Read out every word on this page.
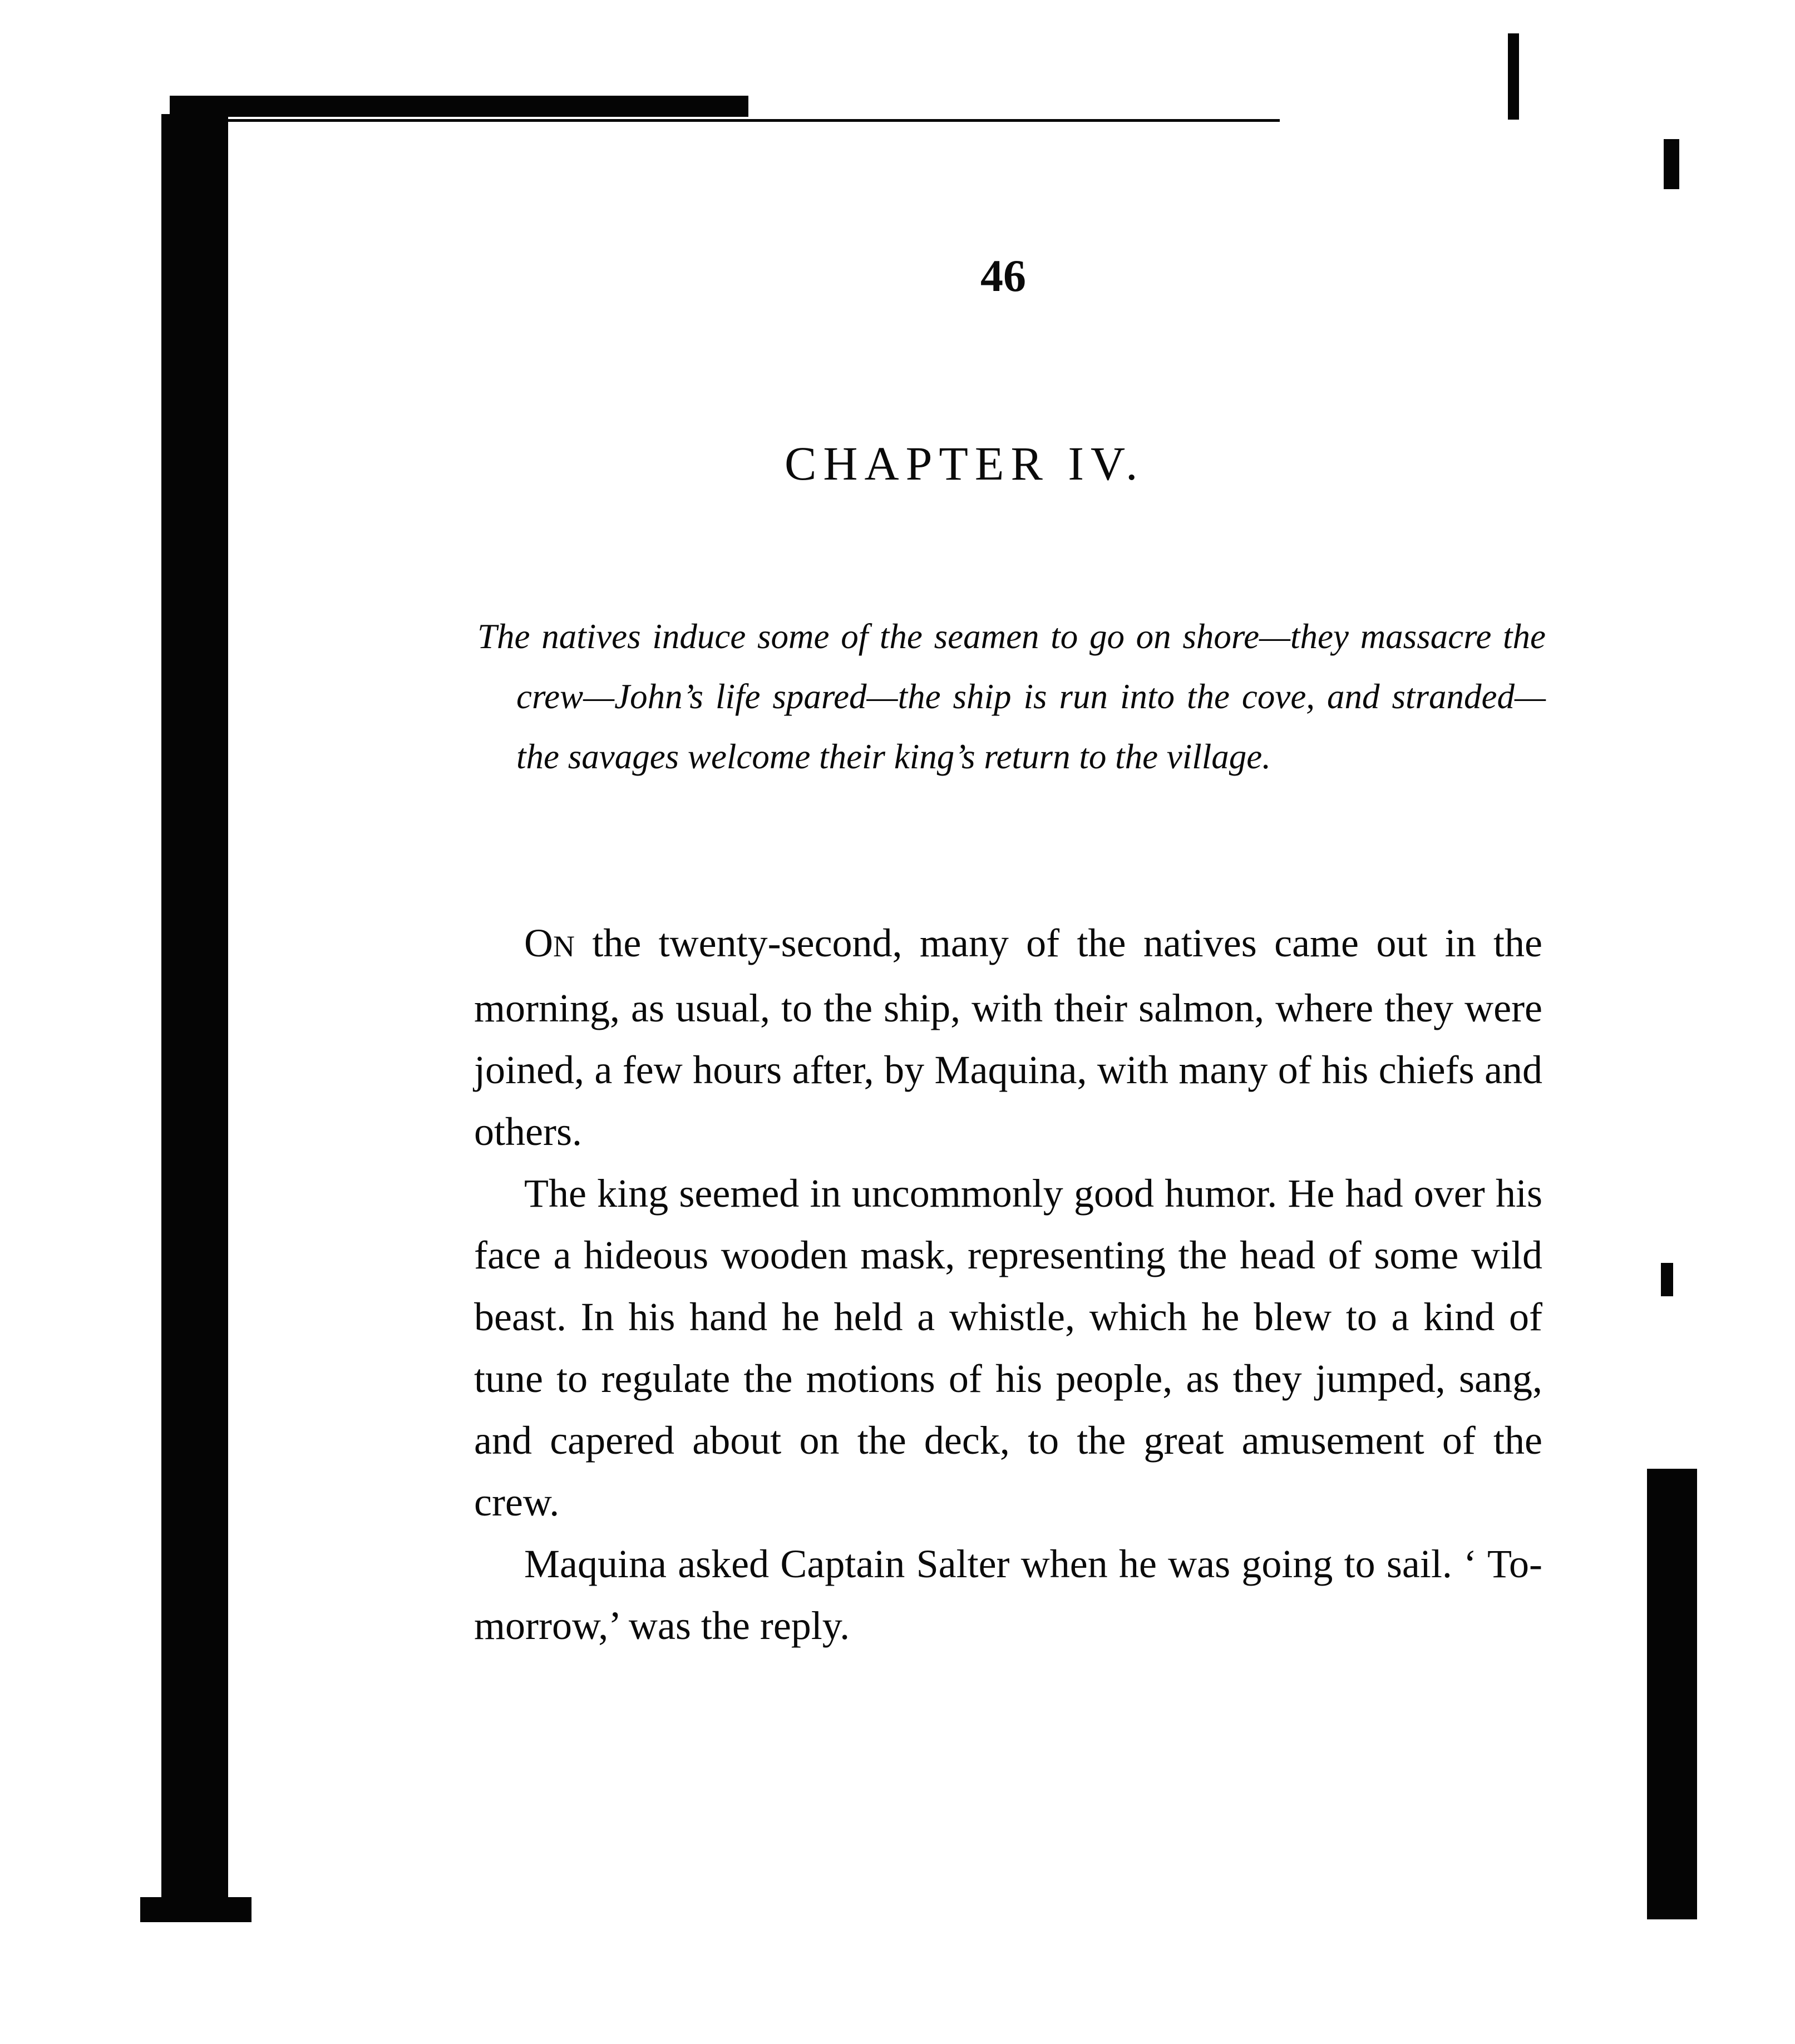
46
CHAPTER IV.

The natives induce some of the seamen to go on shore—they massacre the crew—John’s life spared—the ship is run into the cove, and stranded—the savages welcome their king’s return to the village.

ON the twenty-second, many of the natives came out in the morning, as usual, to the ship, with their salmon, where they were joined, a few hours after, by Maquina, with many of his chiefs and others.

The king seemed in uncommonly good humor. He had over his face a hideous wooden mask, representing the head of some wild beast. In his hand he held a whistle, which he blew to a kind of tune to regulate the motions of his people, as they jumped, sang, and capered about on the deck, to the great amusement of the crew.

Maquina asked Captain Salter when he was going to sail. ‘ To-morrow,’ was the reply.
